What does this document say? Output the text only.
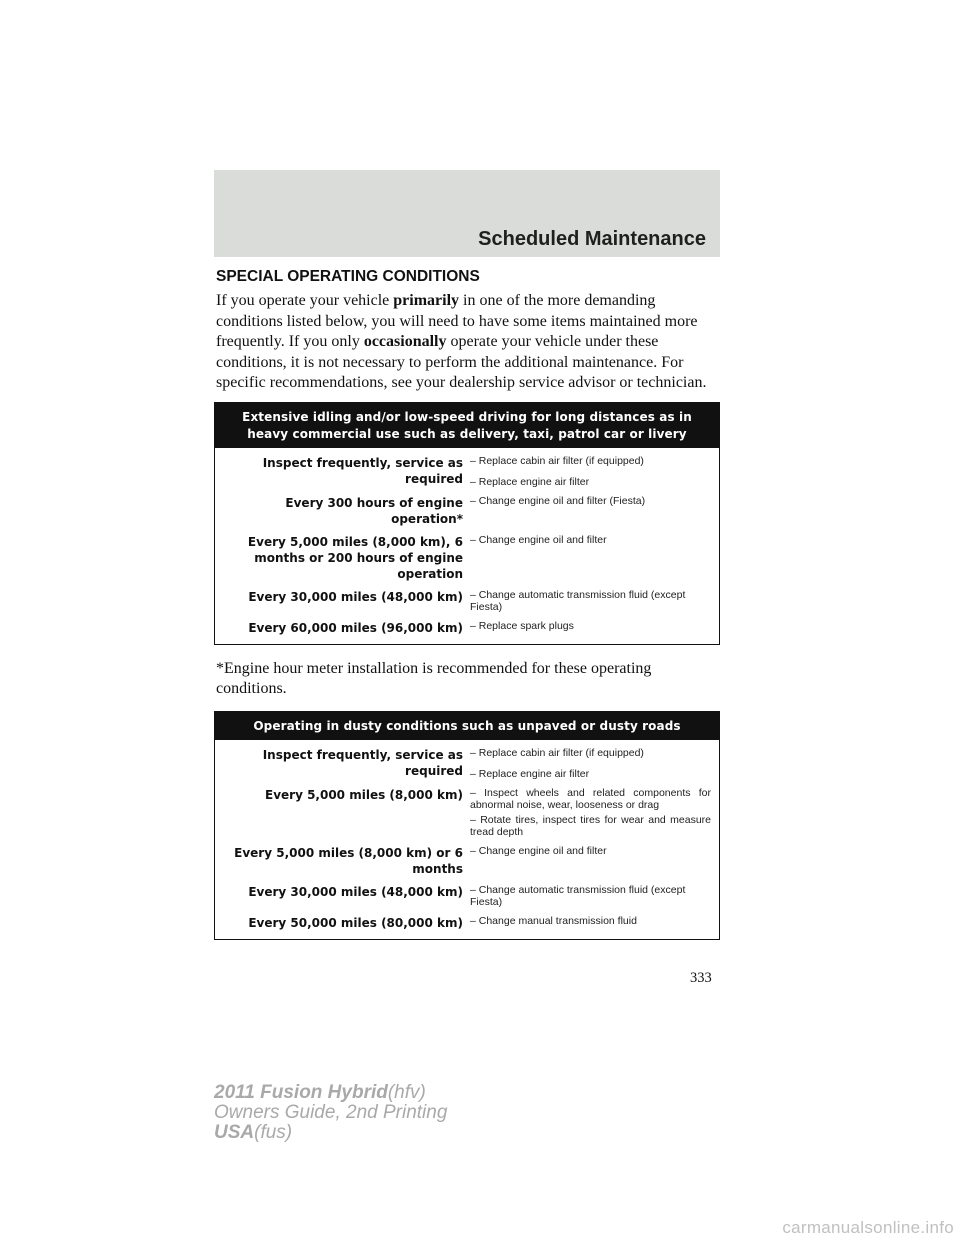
Scheduled Maintenance
SPECIAL OPERATING CONDITIONS
If you operate your vehicle primarily in one of the more demanding conditions listed below, you will need to have some items maintained more frequently. If you only occasionally operate your vehicle under these conditions, it is not necessary to perform the additional maintenance. For specific recommendations, see your dealership service advisor or technician.
Extensive idling and/or low-speed driving for long distances as in heavy commercial use such as delivery, taxi, patrol car or livery
Inspect frequently, service as required
– Replace cabin air filter (if equipped)
– Replace engine air filter
Every 300 hours of engine operation*
– Change engine oil and filter (Fiesta)
Every 5,000 miles (8,000 km), 6 months or 200 hours of engine operation
– Change engine oil and filter
Every 30,000 miles (48,000 km) – Change automatic transmission fluid (except Fiesta)
Every 60,000 miles (96,000 km) – Replace spark plugs
*Engine hour meter installation is recommended for these operating conditions.
Operating in dusty conditions such as unpaved or dusty roads
Inspect frequently, service as required
– Replace cabin air filter (if equipped)
– Replace engine air filter
Every 5,000 miles (8,000 km) – Inspect wheels and related components for abnormal noise, wear, looseness or drag
– Rotate tires, inspect tires for wear and measure tread depth
Every 5,000 miles (8,000 km) or 6 months
– Change engine oil and filter
Every 30,000 miles (48,000 km) – Change automatic transmission fluid (except Fiesta)
Every 50,000 miles (80,000 km) – Change manual transmission fluid
333
2011 Fusion Hybrid(hfv)
Owners Guide, 2nd Printing
USA(fus)
carmanualsonline.info
